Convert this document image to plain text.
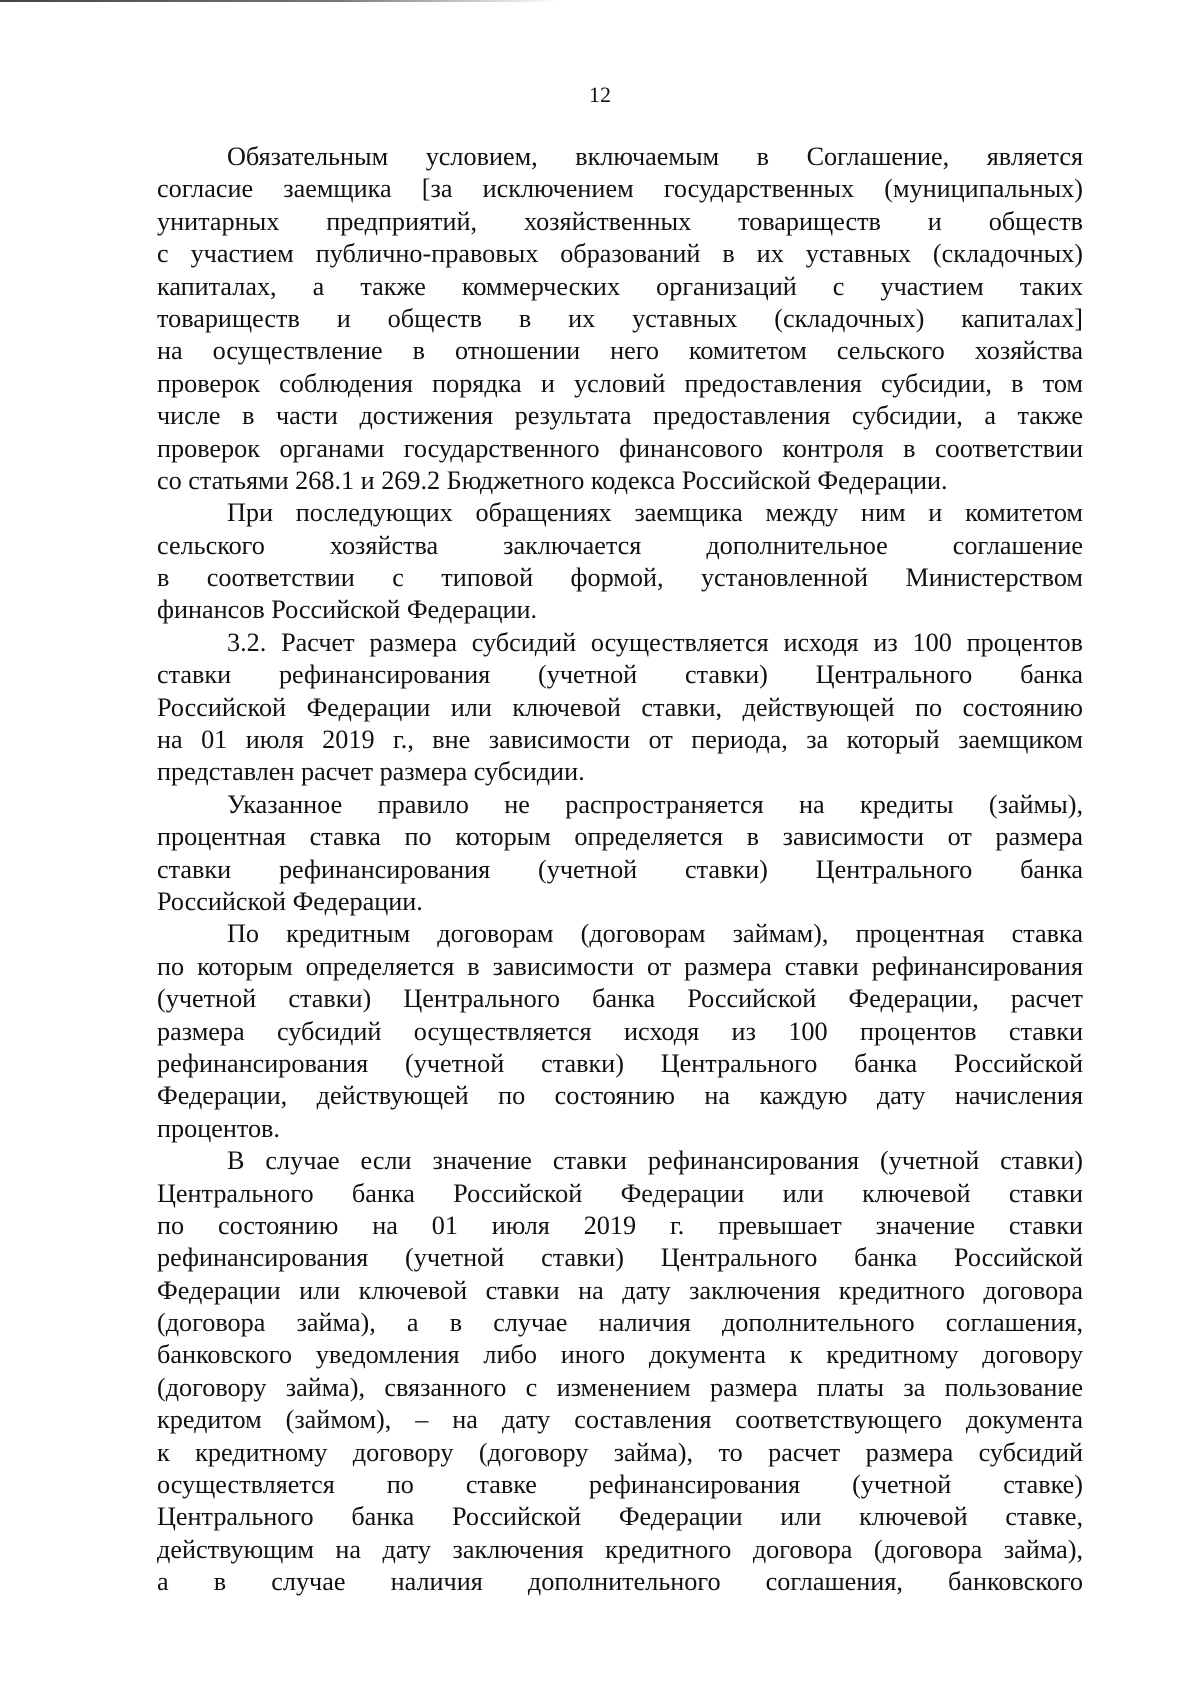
12
Обязательным условием, включаемым в Соглашение, является
согласие заемщика [за исключением государственных (муниципальных)
унитарных предприятий, хозяйственных товариществ и обществ
с участием публично-правовых образований в их уставных (складочных)
капиталах, а также коммерческих организаций с участием таких
товариществ и обществ в их уставных (складочных) капиталах]
на осуществление в отношении него комитетом сельского хозяйства
проверок соблюдения порядка и условий предоставления субсидии, в том
числе в части достижения результата предоставления субсидии, а также
проверок органами государственного финансового контроля в соответствии
со статьями 268.1 и 269.2 Бюджетного кодекса Российской Федерации.
При последующих обращениях заемщика между ним и комитетом
сельского хозяйства заключается дополнительное соглашение
в соответствии с типовой формой, установленной Министерством
финансов Российской Федерации.
3.2. Расчет размера субсидий осуществляется исходя из 100 процентов
ставки рефинансирования (учетной ставки) Центрального банка
Российской Федерации или ключевой ставки, действующей по состоянию
на 01 июля 2019 г., вне зависимости от периода, за который заемщиком
представлен расчет размера субсидии.
Указанное правило не распространяется на кредиты (займы),
процентная ставка по которым определяется в зависимости от размера
ставки рефинансирования (учетной ставки) Центрального банка
Российской Федерации.
По кредитным договорам (договорам займам), процентная ставка
по которым определяется в зависимости от размера ставки рефинансирования
(учетной ставки) Центрального банка Российской Федерации, расчет
размера субсидий осуществляется исходя из 100 процентов ставки
рефинансирования (учетной ставки) Центрального банка Российской
Федерации, действующей по состоянию на каждую дату начисления
процентов.
В случае если значение ставки рефинансирования (учетной ставки)
Центрального банка Российской Федерации или ключевой ставки
по состоянию на 01 июля 2019 г. превышает значение ставки
рефинансирования (учетной ставки) Центрального банка Российской
Федерации или ключевой ставки на дату заключения кредитного договора
(договора займа), а в случае наличия дополнительного соглашения,
банковского уведомления либо иного документа к кредитному договору
(договору займа), связанного с изменением размера платы за пользование
кредитом (займом), – на дату составления соответствующего документа
к кредитному договору (договору займа), то расчет размера субсидий
осуществляется по ставке рефинансирования (учетной ставке)
Центрального банка Российской Федерации или ключевой ставке,
действующим на дату заключения кредитного договора (договора займа),
а в случае наличия дополнительного соглашения, банковского
